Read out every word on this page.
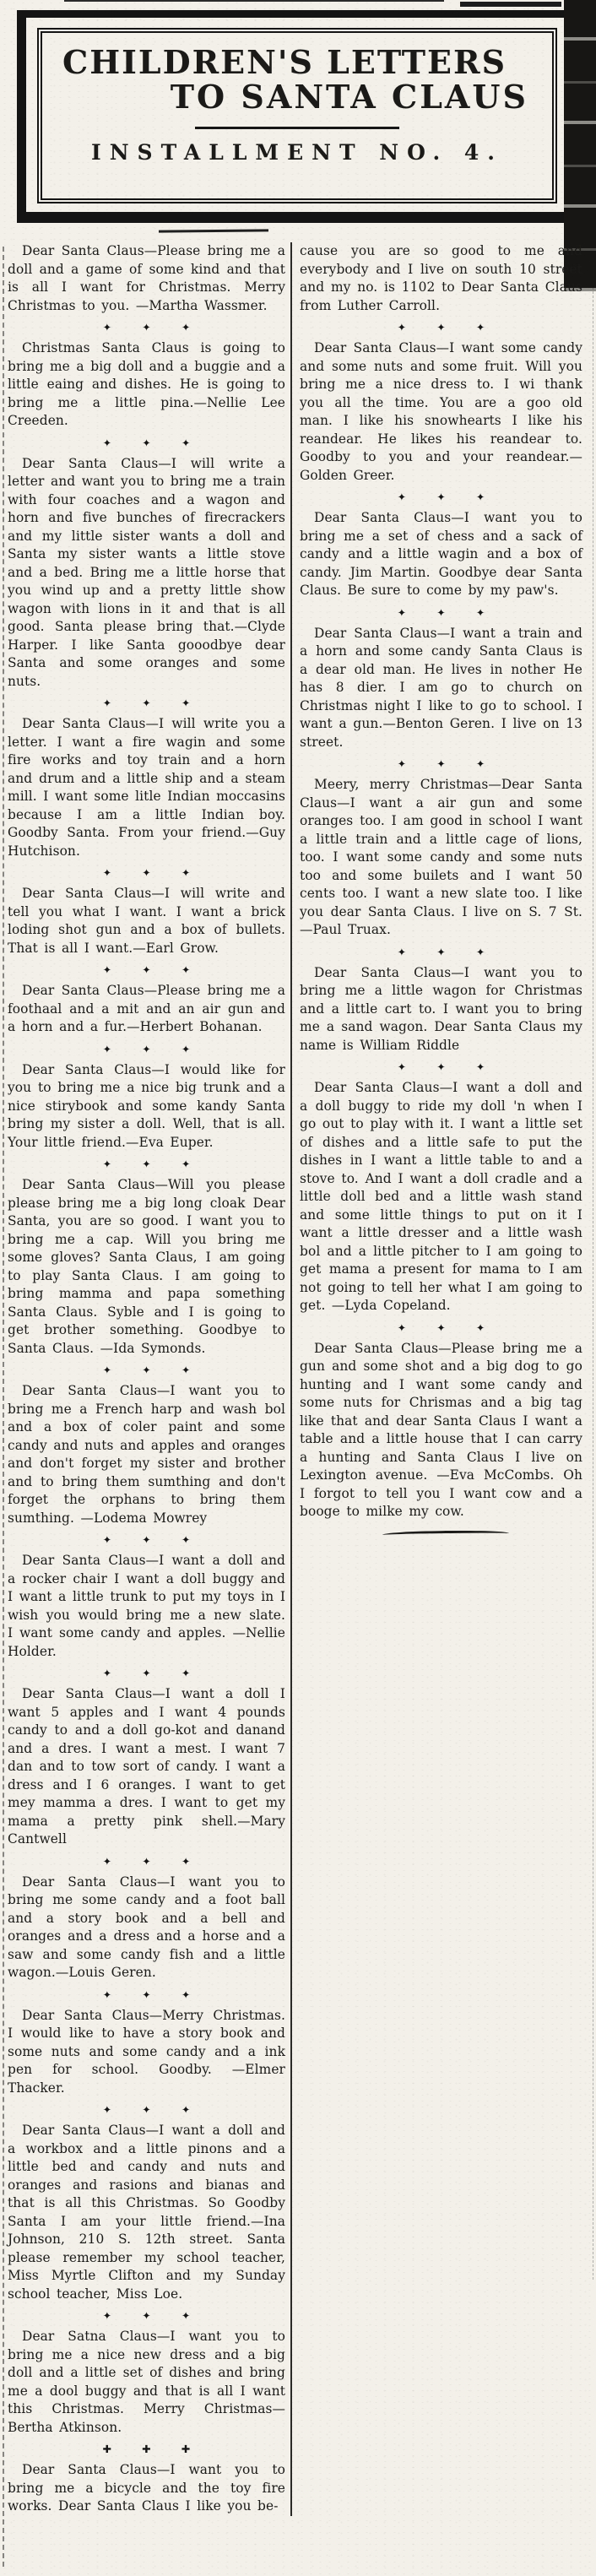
CHILDREN'S LETTERS
TO SANTA CLAUS
INSTALLMENT NO. 4.

Dear Santa Claus—Please bring me a doll and a game of some kind and that is all I want for Christmas. Merry Christmas to you. —Martha Wassmer.

✦ ✦ ✦

Christmas Santa Claus is going to bring me a big doll and a buggie and a little eaing and dishes. He is going to bring me a little pina.—Nellie Lee Creeden.

✦ ✦ ✦

Dear Santa Claus—I will write a letter and want you to bring me a train with four coaches and a wagon and horn and five bunches of firecrackers and my little sister wants a doll and Santa my sister wants a little stove and a bed. Bring me a little horse that you wind up and a pretty little show wagon with lions in it and that is all good. Santa please bring that.—Clyde Harper. I like Santa gooodbye dear Santa and some oranges and some nuts.

✦ ✦ ✦

Dear Santa Claus—I will write you a letter. I want a fire wagin and some fire works and toy train and a horn and drum and a little ship and a steam mill. I want some litle Indian moccasins because I am a little Indian boy. Goodby Santa. From your friend.—Guy Hutchison.

✦ ✦ ✦

Dear Santa Claus—I will write and tell you what I want. I want a brick loding shot gun and a box of bullets. That is all I want.—Earl Grow.

✦ ✦ ✦

Dear Santa Claus—Please bring me a foothaal and a mit and an air gun and a horn and a fur.—Herbert Bohanan.

✦ ✦ ✦

Dear Santa Claus—I would like for you to bring me a nice big trunk and a nice stirybook and some kandy Santa bring my sister a doll. Well, that is all. Your little friend.—Eva Euper.

✦ ✦ ✦

Dear Santa Claus—Will you please please bring me a big long cloak Dear Santa, you are so good. I want you to bring me a cap. Will you bring me some gloves? Santa Claus, I am going to play Santa Claus. I am going to bring mamma and papa something Santa Claus. Syble and I is going to get brother something. Goodbye to Santa Claus. —Ida Symonds.

✦ ✦ ✦

Dear Santa Claus—I want you to bring me a French harp and wash bol and a box of coler paint and some candy and nuts and apples and oranges and don't forget my sister and brother and to bring them sumthing and don't forget the orphans to bring them sumthing. —Lodema Mowrey

✦ ✦ ✦

Dear Santa Claus—I want a doll and a rocker chair I want a doll buggy and I want a little trunk to put my toys in I wish you would bring me a new slate. I want some candy and apples. —Nellie Holder.

✦ ✦ ✦

Dear Santa Claus—I want a doll I want 5 apples and I want 4 pounds candy to and a doll go-kot and danand and a dres. I want a mest. I want 7 dan and to tow sort of candy. I want a dress and I 6 oranges. I want to get mey mamma a dres. I want to get my mama a pretty pink shell.—Mary Cantwell

✦ ✦ ✦

Dear Santa Claus—I want you to bring me some candy and a foot ball and a story book and a bell and oranges and a dress and a horse and a saw and some candy fish and a little wagon.—Louis Geren.

✦ ✦ ✦

Dear Santa Claus—Merry Christmas. I would like to have a story book and some nuts and some candy and a ink pen for school. Goodby. —Elmer Thacker.

✦ ✦ ✦

Dear Santa Claus—I want a doll and a workbox and a little pinons and a little bed and candy and nuts and oranges and rasions and bianas and that is all this Christmas. So Goodby Santa I am your little friend.—Ina Johnson, 210 S. 12th street. Santa please remember my school teacher, Miss Myrtle Clifton and my Sunday school teacher, Miss Loe.

✦ ✦ ✦

Dear Satna Claus—I want you to bring me a nice new dress and a big doll and a little set of dishes and bring me a dool buggy and that is all I want this Christmas. Merry Christmas—Bertha Atkinson.

✚ ✚ ✚

Dear Santa Claus—I want you to bring me a bicycle and the toy fire works. Dear Santa Claus I like you be-

cause you are so good to me and everybody and I live on south 10 street and my no. is 1102 to Dear Santa Claus from Luther Carroll.

✦ ✦ ✦

Dear Santa Claus—I want some candy and some nuts and some fruit. Will you bring me a nice dress to. I wi thank you all the time. You are a goo old man. I like his snowhearts I like his reandear. He likes his reandear to. Goodby to you and your reandear.—Golden Greer.

✦ ✦ ✦

Dear Santa Claus—I want you to bring me a set of chess and a sack of candy and a little wagin and a box of candy. Jim Martin. Goodbye dear Santa Claus. Be sure to come by my paw's.

✦ ✦ ✦

Dear Santa Claus—I want a train and a horn and some candy Santa Claus is a dear old man. He lives in nother He has 8 dier. I am go to church on Christmas night I like to go to school. I want a gun.—Benton Geren. I live on 13 street.

✦ ✦ ✦

Meery, merry Christmas—Dear Santa Claus—I want a air gun and some oranges too. I am good in school I want a little train and a little cage of lions, too. I want some candy and some nuts too and some builets and I want 50 cents too. I want a new slate too. I like you dear Santa Claus. I live on S. 7 St. —Paul Truax.

✦ ✦ ✦

Dear Santa Claus—I want you to bring me a little wagon for Christmas and a little cart to. I want you to bring me a sand wagon. Dear Santa Claus my name is William Riddle

✦ ✦ ✦

Dear Santa Claus—I want a doll and a doll buggy to ride my doll 'n when I go out to play with it. I want a little set of dishes and a little safe to put the dishes in I want a little table to and a stove to. And I want a doll cradle and a little doll bed and a little wash stand and some little things to put on it I want a little dresser and a little wash bol and a little pitcher to I am going to get mama a present for mama to I am not going to tell her what I am going to get. —Lyda Copeland.

✦ ✦ ✦

Dear Santa Claus—Please bring me a gun and some shot and a big dog to go hunting and I want some candy and some nuts for Chrismas and a big tag like that and dear Santa Claus I want a table and a little house that I can carry a hunting and Santa Claus I live on Lexington avenue. —Eva McCombs. Oh I forgot to tell you I want cow and a booge to milke my cow.
